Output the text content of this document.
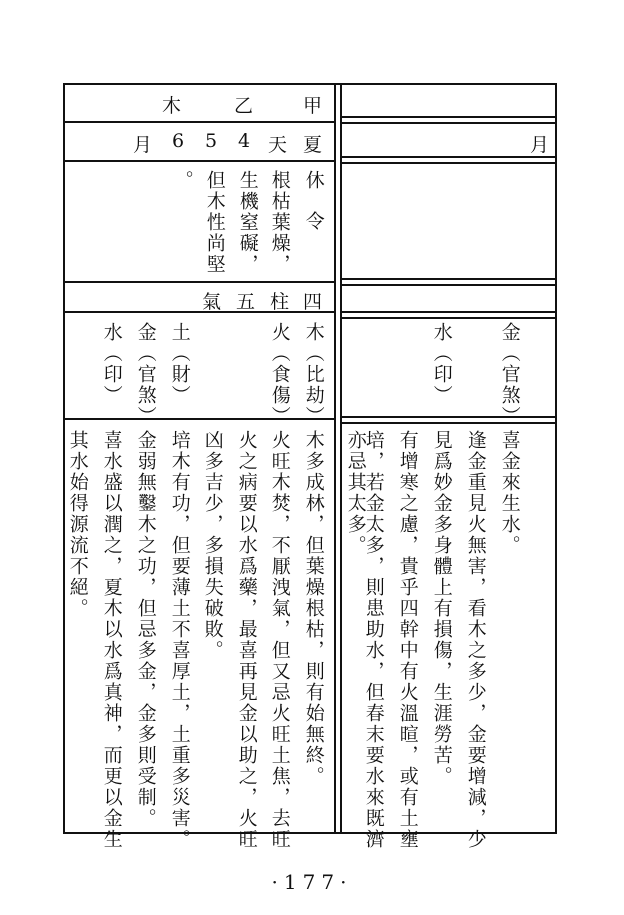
木	乙	甲
月 6 5 4 天 夏
休令
根枯葉燥，
生機窒礙，
但木性尚堅
。
氣 五 柱 四
木（比劫）
火（食傷）
土（財）
金（官煞）
水（印）
木多成林，但葉燥根枯，則有始無終。
火旺木焚，不厭洩氣，但又忌火旺土焦，去旺
火之病要以水爲藥，最喜再見金以助之，火旺
凶多吉少，多損失破敗。
培木有功，但要薄土不喜厚土，土重多災害。
金弱無鑿木之功，但忌多金，金多則受制。
喜水盛以潤之，夏木以水爲真神，而更以金生
其水始得源流不絕。
月
金（官煞）
水（印）
喜金來生水。
逢金重見火無害，看木之多少，金要增減，少
見爲妙金多身體上有損傷，生涯勞苦。
有增寒之慮，貴乎四幹中有火溫暄，或有土壅
培，若金太多，則患助水，但春末要水來既濟
亦忌其太多。
·177·
